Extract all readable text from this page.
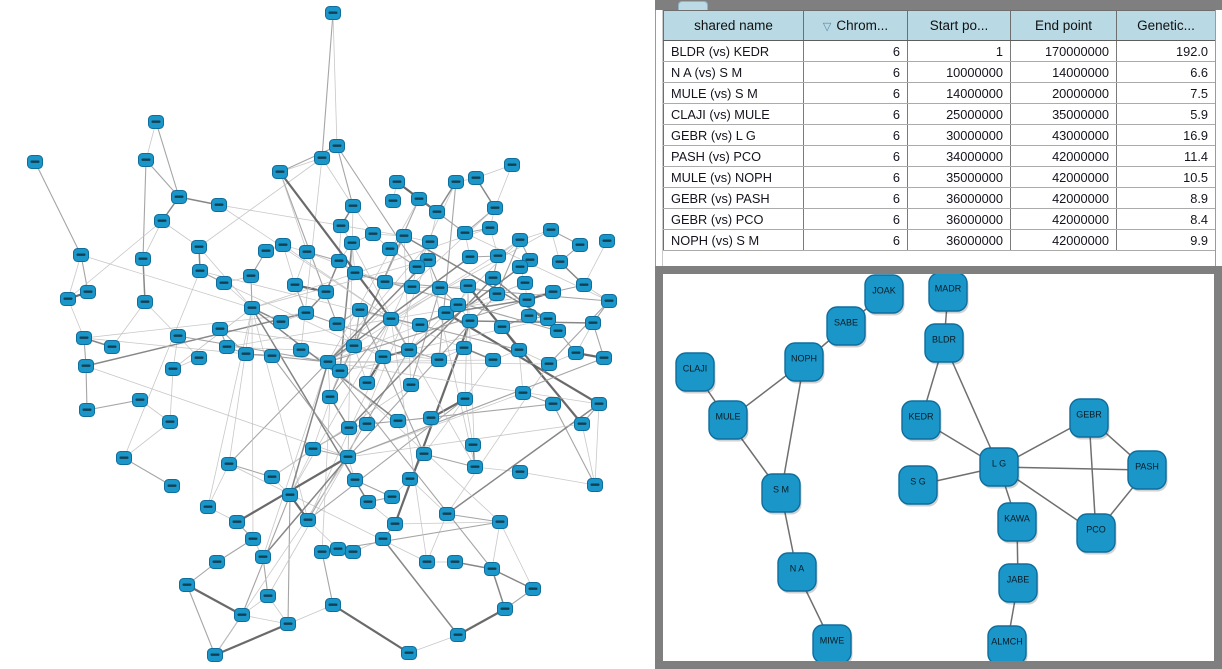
shared name	▽ Chrom...	Start po...	End point	Genetic...
BLDR (vs) KEDR	6	1	170000000	192.0
N A (vs) S M	6	10000000	14000000	6.6
MULE (vs) S M	6	14000000	20000000	7.5
CLAJI (vs) MULE	6	25000000	35000000	5.9
GEBR (vs) L G	6	30000000	43000000	16.9
PASH (vs) PCO	6	34000000	42000000	11.4
MULE (vs) NOPH	6	35000000	42000000	10.5
GEBR (vs) PASH	6	36000000	42000000	8.9
GEBR (vs) PCO	6	36000000	42000000	8.4
NOPH (vs) S M	6	36000000	42000000	9.9
JOAK	MADR
SABE
BLDR
NOPH
CLAJI
MULE	KEDR	GEBR
L G
S G
PASH
KAWA
PCO
S M
JABE
N A
ALMCH
MIWE
